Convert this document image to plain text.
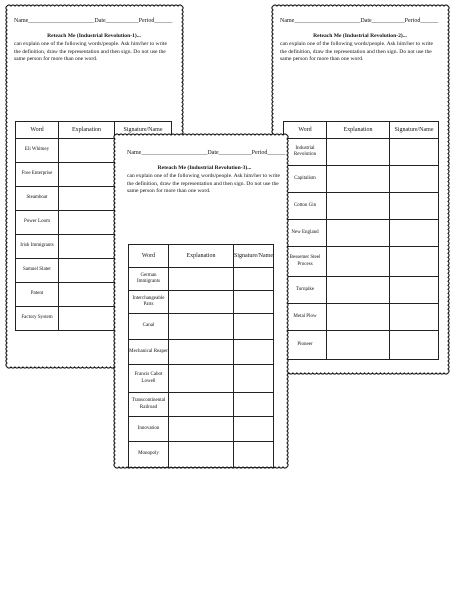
Name______________________Date___________Period______
Reteach Me (Industrial Revolution-1)...
can explain one of the following words/people. Ask him/her to write the definition, draw the representation and then sign. Do not use the same person for more than one word.
Word	Explanation	Signature/Name
Eli Whitney		
Free Enterprise		
Steamboat		
Power Loom		
Irish Immigrants		
Samuel Slater		
Patent		
Factory System		
Name______________________Date___________Period______
Reteach Me (Industrial Revolution-2)...
can explain one of the following words/people. Ask him/her to write the definition, draw the representation and then sign. Do not use the same person for more than one word.
Word	Explanation	Signature/Name
Industrial Revolution		
Capitalism		
Cotton Gin		
New England		
Bessemer Steel Process		
Turnpike		
Metal Plow		
Pioneer		
Name______________________Date___________Period______
Reteach Me (Industrial Revolution-3)...
can explain one of the following words/people. Ask him/her to write the definition, draw the representation and then sign. Do not use the same person for more than one word.
Word	Explanation	Signature/Name
German Immigrants		
Interchangeable Parts		
Canal		
Mechanical Reaper		
Francis Cabot Lowell		
Transcontinental Railroad		
Innovation		
Monopoly		
